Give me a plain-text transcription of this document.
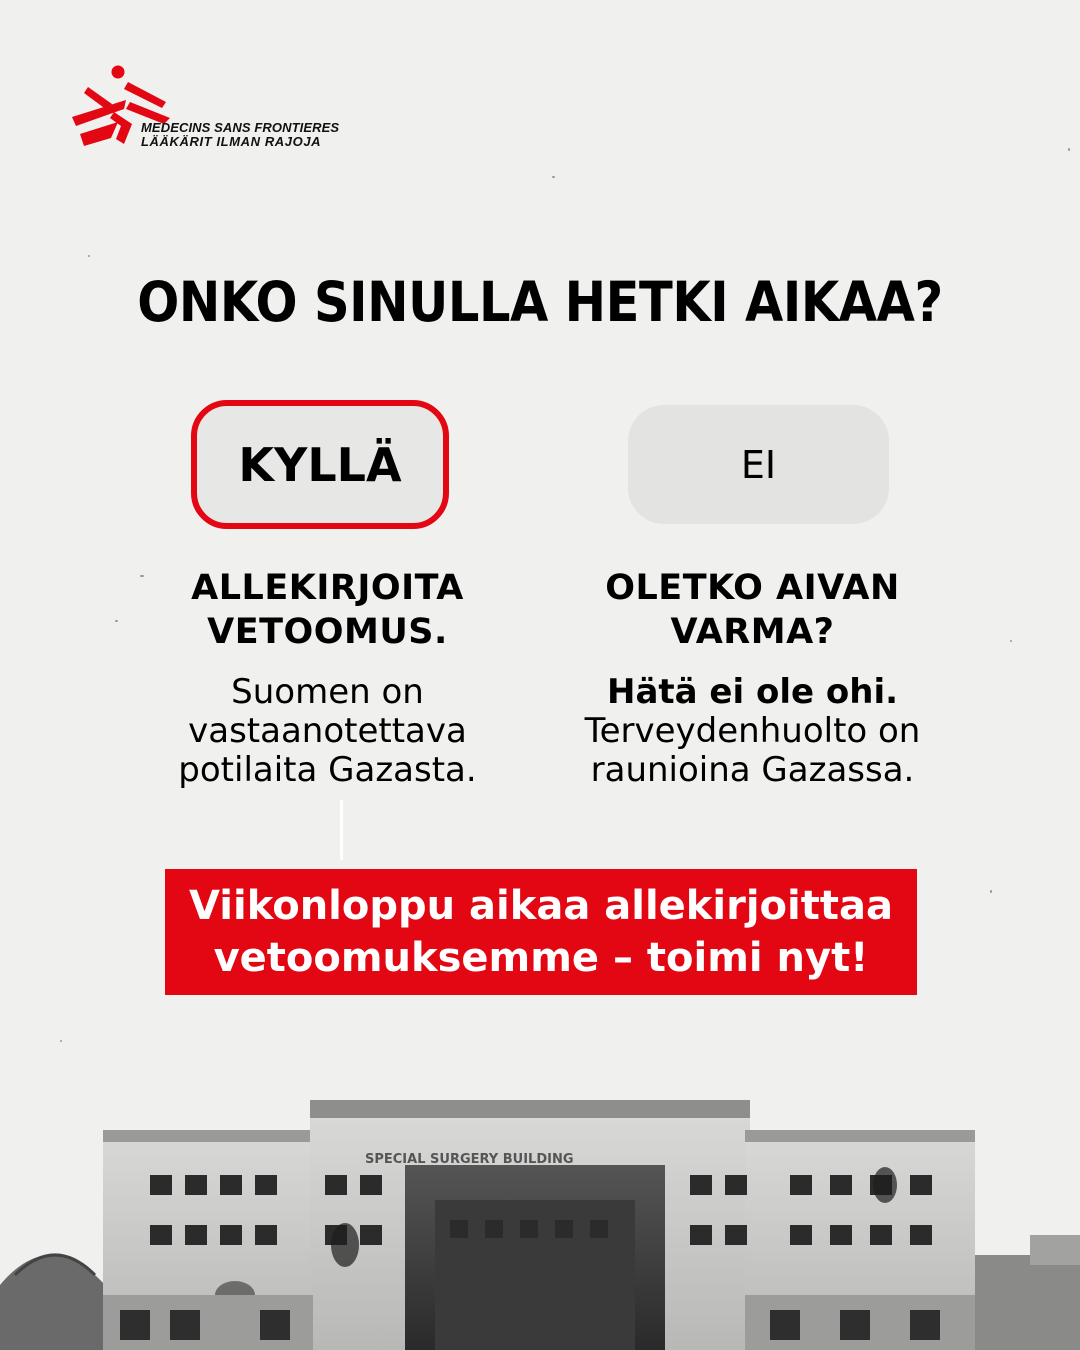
MEDECINS SANS FRONTIERES
LÄÄKÄRIT ILMAN RAJOJA
ONKO SINULLA HETKI AIKAA?
KYLLÄ	EI
ALLEKIRJOITA
VETOOMUS.
Suomen on
vastaanotettava
potilaita Gazasta.
OLETKO AIVAN
VARMA?
Hätä ei ole ohi.
Terveydenhuolto on
raunioina Gazassa.
Viikonloppu aikaa allekirjoittaa
vetoomuksemme – toimi nyt!
SPECIAL SURGERY BUILDING
